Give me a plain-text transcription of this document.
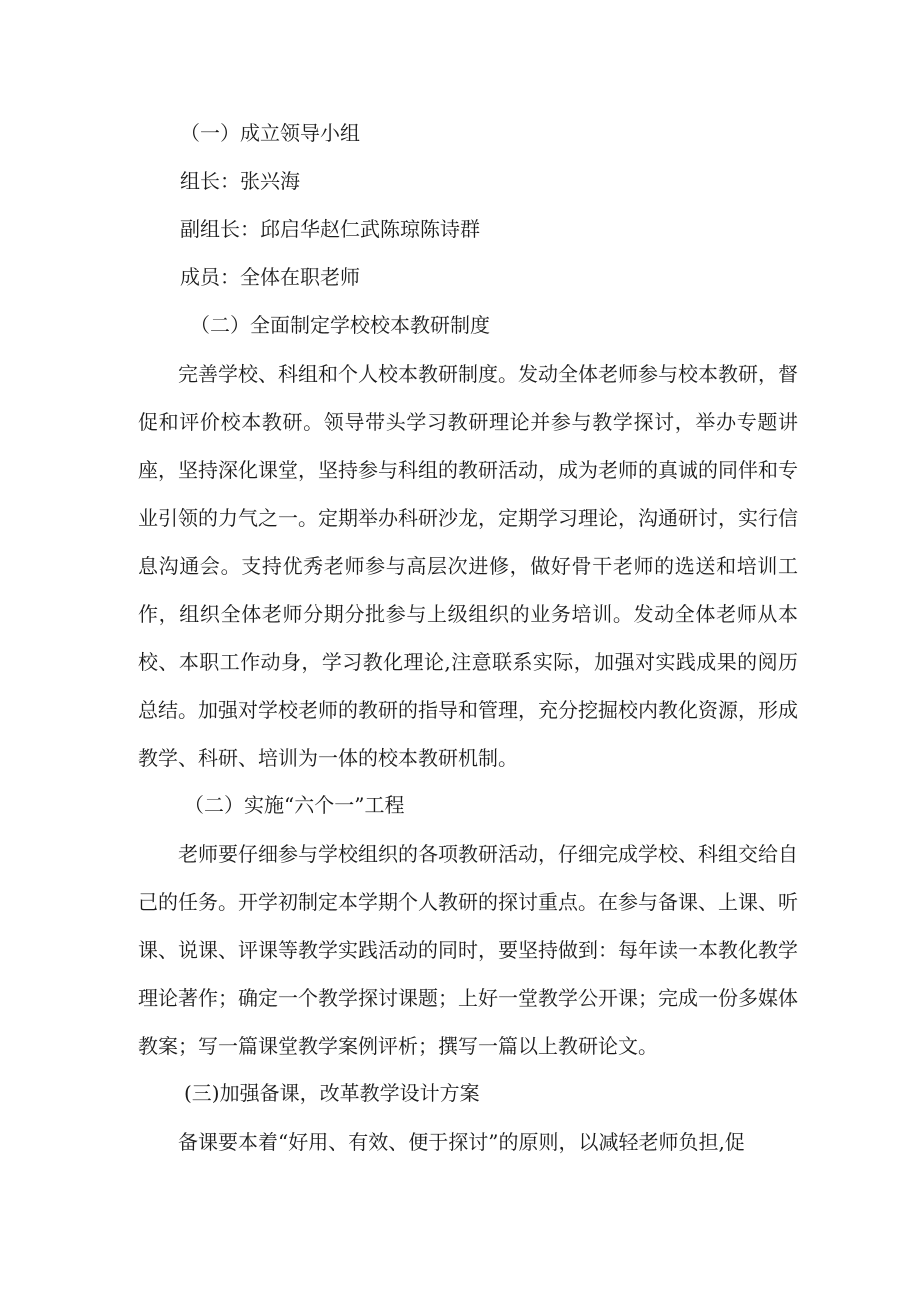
（一）成立领导小组

组长：张兴海

副组长：邱启华赵仁武陈琼陈诗群

成员：全体在职老师

（二）全面制定学校校本教研制度

完善学校、科组和个人校本教研制度。发动全体老师参与校本教研，督促和评价校本教研。领导带头学习教研理论并参与教学探讨，举办专题讲座，坚持深化课堂，坚持参与科组的教研活动，成为老师的真诚的同伴和专业引领的力气之一。定期举办科研沙龙，定期学习理论，沟通研讨，实行信息沟通会。支持优秀老师参与高层次进修，做好骨干老师的选送和培训工作，组织全体老师分期分批参与上级组织的业务培训。发动全体老师从本校、本职工作动身，学习教化理论,注意联系实际，加强对实践成果的阅历总结。加强对学校老师的教研的指导和管理，充分挖掘校内教化资源，形成教学、科研、培训为一体的校本教研机制。

（二）实施“六个一”工程

老师要仔细参与学校组织的各项教研活动，仔细完成学校、科组交给自己的任务。开学初制定本学期个人教研的探讨重点。在参与备课、上课、听课、说课、评课等教学实践活动的同时，要坚持做到：每年读一本教化教学理论著作；确定一个教学探讨课题；上好一堂教学公开课；完成一份多媒体教案；写一篇课堂教学案例评析；撰写一篇以上教研论文。

(三)加强备课，改革教学设计方案

备课要本着“好用、有效、便于探讨”的原则，以减轻老师负担,促
